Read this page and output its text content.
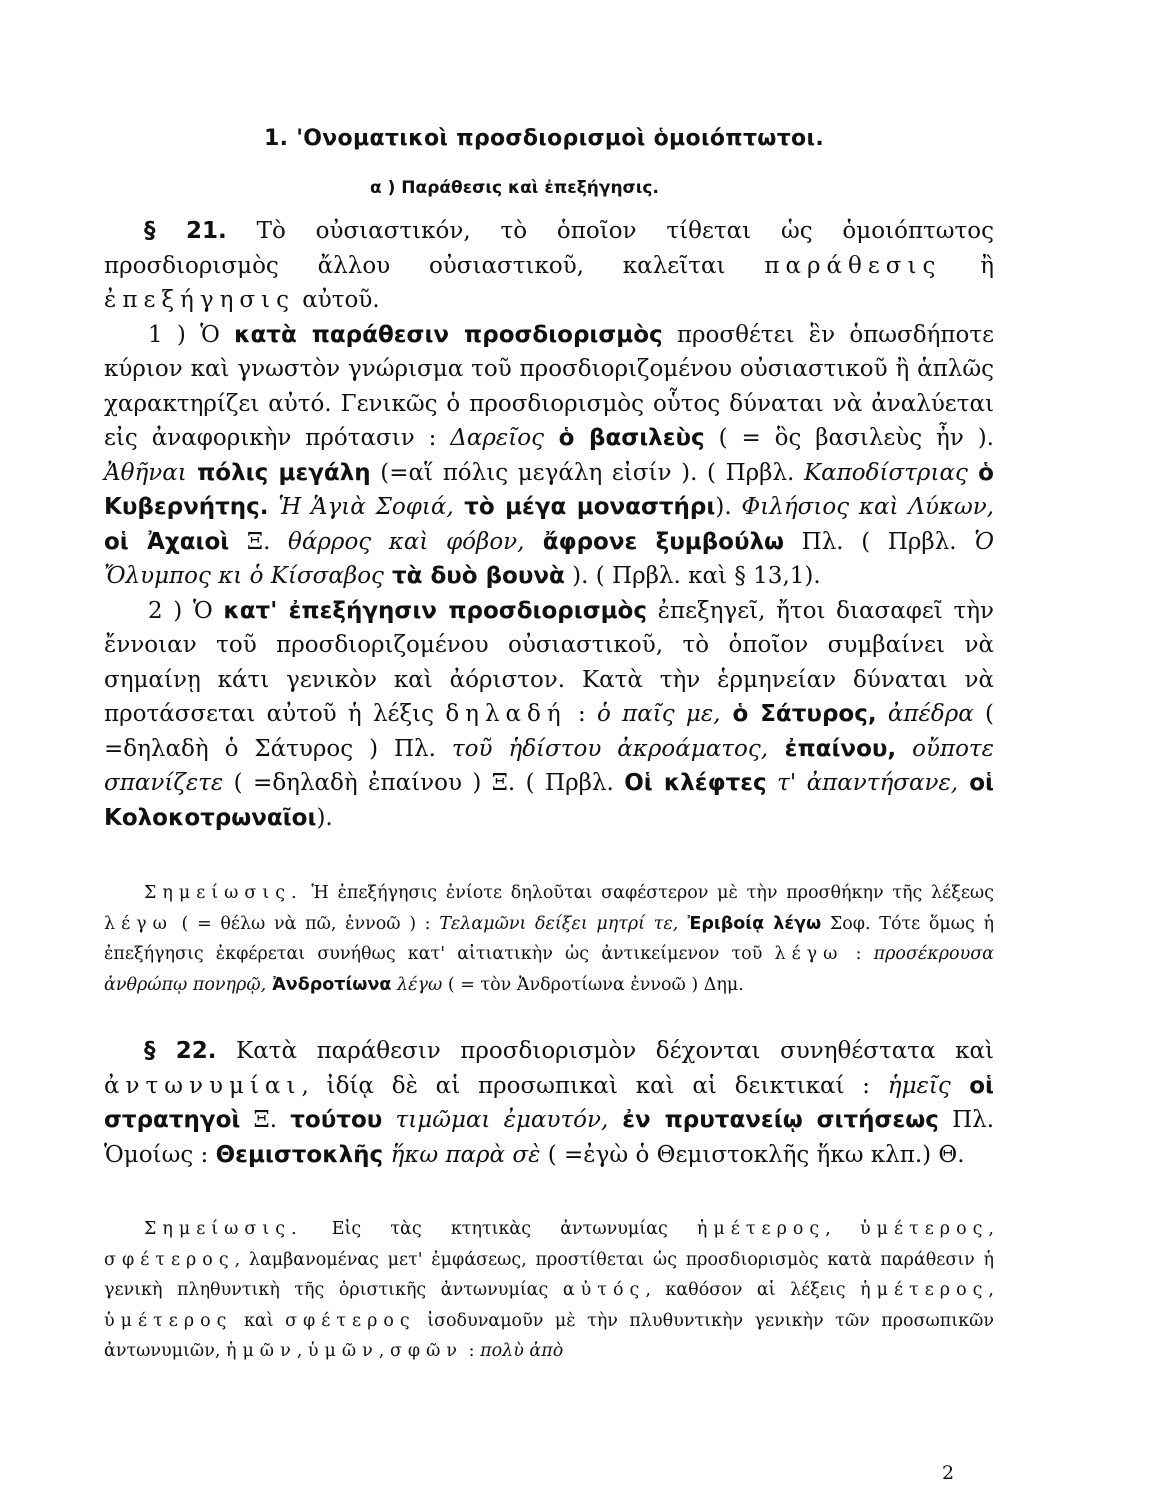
1. 'Ονοματικοὶ προσδιορισμοὶ ὁμοιόπτωτοι.
α ) Παράθεσις καὶ ἐπεξήγησις.

§ 21. Τὸ οὐσιαστικόν, τὸ ὁποῖον τίθεται ὡς ὁμοιόπτωτος προσδιορισμὸς ἄλλου οὐσιαστικοῦ, καλεῖται παράθεσις ἢ ἐπεξήγησις αὐτοῦ.

1 ) Ὁ κατὰ παράθεσιν προσδιορισμὸς προσθέτει ἓν ὁπωσδήποτε κύριον καὶ γνωστὸν γνώρισμα τοῦ προσδιοριζομένου οὐσιαστικοῦ ἢ ἁπλῶς χαρακτηρίζει αὐτό. Γενικῶς ὁ προσδιορισμὸς οὗτος δύναται νὰ ἀναλύεται εἰς ἀναφορικὴν πρότασιν : Δαρεῖος ὁ βασιλεὺς ( = ὃς βασιλεὺς ἦν ). Ἀθῆναι πόλις μεγάλη (=αἵ πόλις μεγάλη εἰσίν ). ( Πρβλ. Καποδίστριας ὁ Κυβερνήτης. Ἡ Ἁγιὰ Σοφιά, τὸ μέγα μοναστήρι). Φιλήσιος καὶ Λύκων, οἱ Ἀχαιοὶ Ξ. θάρρος καὶ φόβον, ἄφρονε ξυμβούλω Πλ. ( Πρβλ. Ὁ Ὄλυμπος κι ὁ Κίσσαβος τὰ δυὸ βουνὰ ). ( Πρβλ. καὶ § 13,1).

2 ) Ὁ κατ' ἐπεξήγησιν προσδιορισμὸς ἐπεξηγεῖ, ἤτοι διασαφεῖ τὴν ἔννοιαν τοῦ προσδιοριζομένου οὐσιαστικοῦ, τὸ ὁποῖον συμβαίνει νὰ σημαίνῃ κάτι γενικὸν καὶ ἀόριστον. Κατὰ τὴν ἑρμηνείαν δύναται νὰ προτάσσεται αὐτοῦ ἡ λέξις δηλαδή : ὁ παῖς με, ὁ Σάτυρος, ἀπέδρα ( =δηλαδὴ ὁ Σάτυρος ) Πλ. τοῦ ἡδίστου ἀκροάματος, ἐπαίνου, οὔποτε σπανίζετε ( =δηλαδὴ ἐπαίνου ) Ξ. ( Πρβλ. Οἱ κλέφτες τ' ἀπαντήσανε, οἱ Κολοκοτρωναῖοι).

Σημείωσις. Ἡ ἐπεξήγησις ἐνίοτε δηλοῦται σαφέστερον μὲ τὴν προσθήκην τῆς λέξεως λέγω ( = θέλω νὰ πῶ, ἐννοῶ ) : Τελαμῶνι δείξει μητρί τε, Ἐριβοίᾳ λέγω Σοφ. Τότε ὅμως ἡ ἐπεξήγησις ἐκφέρεται συνήθως κατ' αἰτιατικὴν ὡς ἀντικείμενον τοῦ λέγω : προσέκρουσα ἀνθρώπῳ πονηρῷ, Ἀνδροτίωνα λέγω ( = τὸν Ἀνδροτίωνα ἐννοῶ ) Δημ.

§ 22. Κατὰ παράθεσιν προσδιορισμὸν δέχονται συνηθέστατα καὶ ἀντωνυμίαι, ἰδίᾳ δὲ αἱ προσωπικαὶ καὶ αἱ δεικτικαί : ἡμεῖς οἱ στρατηγοὶ Ξ. τούτου τιμῶμαι ἐμαυτόν, ἐν πρυτανείῳ σιτήσεως Πλ. Ὁμοίως : Θεμιστοκλῆς ἥκω παρὰ σὲ ( =ἐγὼ ὁ Θεμιστοκλῆς ἥκω κλπ.) Θ.

Σημείωσις. Εἰς τὰς κτητικὰς ἀντωνυμίας ἡμέτερος, ὑμέτερος, σφέτερος, λαμβανομένας μετ' ἐμφάσεως, προστίθεται ὡς προσδιορισμὸς κατὰ παράθεσιν ἡ γενικὴ πληθυντικὴ τῆς ὁριστικῆς ἀντωνυμίας αὐτός, καθόσον αἱ λέξεις ἡμέτερος, ὑμέτερος καὶ σφέτερος ἰσοδυναμοῦν μὲ τὴν πλυθυντικὴν γενικὴν τῶν προσωπικῶν ἀντωνυμιῶν, ἡμῶν, ὑμῶν, σφῶν : πολὺ ἀπὸ

2
